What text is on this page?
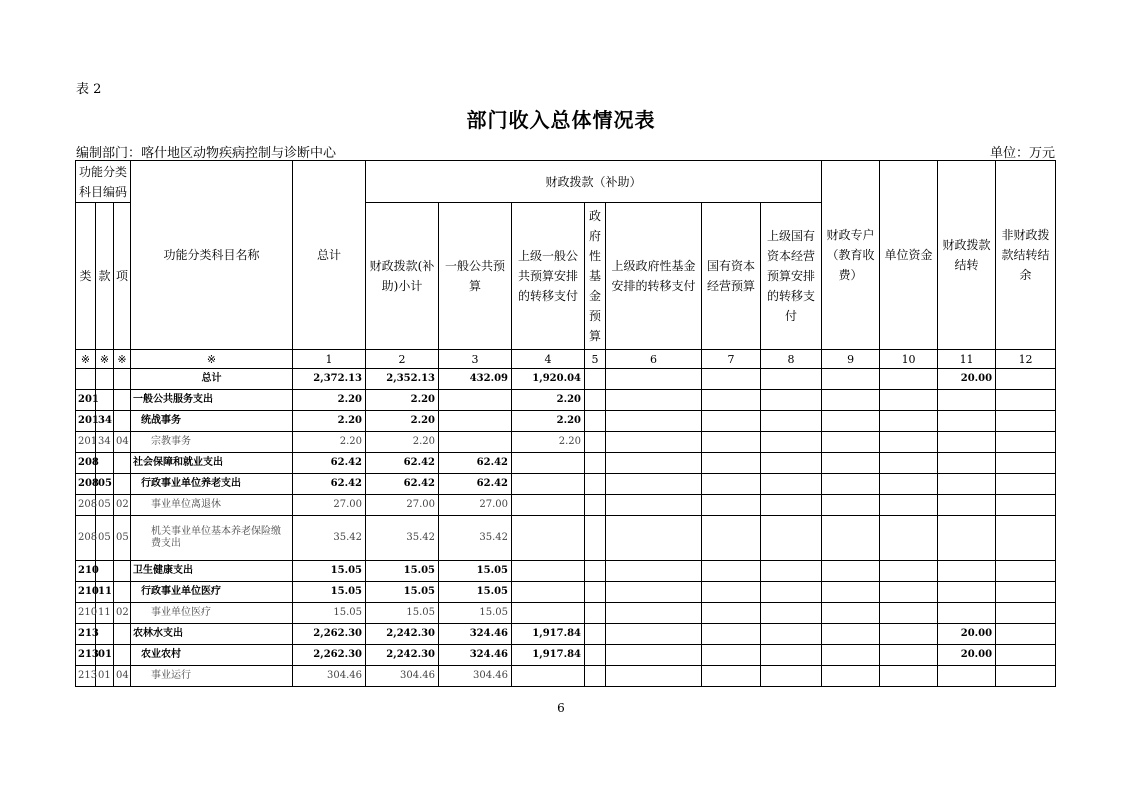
表 2
部门收入总体情况表
编制部门：喀什地区动物疾病控制与诊断中心	单位：万元
功能分类科目编码			功能分类科目名称	总计	财政拨款（补助）							财政专户（教育收费）	单位资金	财政拨款结转	非财政拨款结转结余
类	款	项			财政拨款(补助)小计	一般公共预算	上级一般公共预算安排的转移支付	政府性基金预算	上级政府性基金安排的转移支付	国有资本经营预算	上级国有资本经营预算安排的转移支付				
※	※	※	※	1	2	3	4	5	6	7	8	9	10	11	12
			总计	2,372.13	2,352.13	432.09	1,920.04							20.00	
201			一般公共服务支出	2.20	2.20		2.20								
201	34		统战事务	2.20	2.20		2.20								
201	34	04	宗教事务	2.20	2.20		2.20								
208			社会保障和就业支出	62.42	62.42	62.42									
208	05		行政事业单位养老支出	62.42	62.42	62.42									
208	05	02	事业单位离退休	27.00	27.00	27.00									
208	05	05	机关事业单位基本养老保险缴费支出	35.42	35.42	35.42									
210			卫生健康支出	15.05	15.05	15.05									
210	11		行政事业单位医疗	15.05	15.05	15.05									
210	11	02	事业单位医疗	15.05	15.05	15.05									
213			农林水支出	2,262.30	2,242.30	324.46	1,917.84							20.00	
213	01		农业农村	2,262.30	2,242.30	324.46	1,917.84							20.00	
213	01	04	事业运行	304.46	304.46	304.46									
6
